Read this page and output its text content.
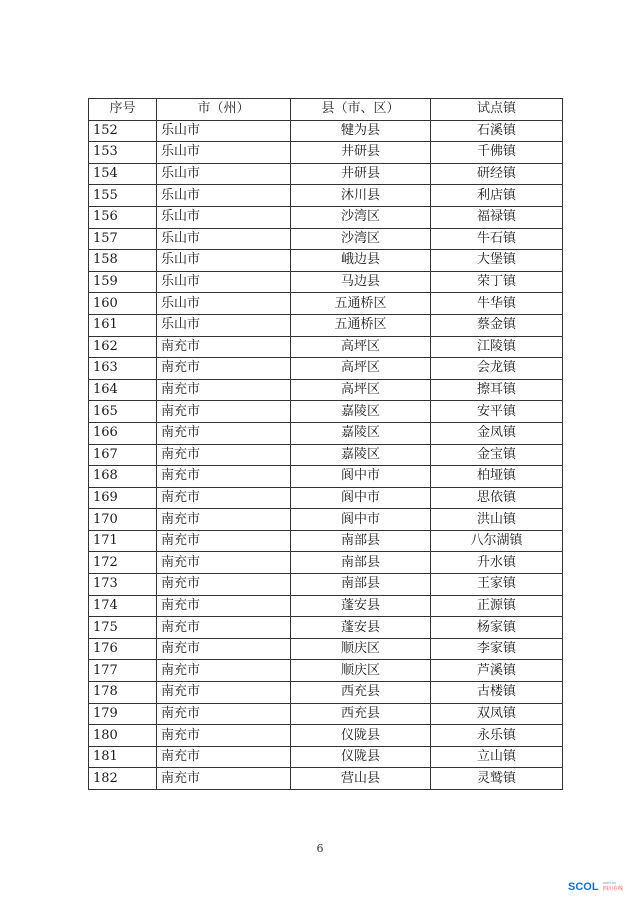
序号	市（州）	县（市、区）	试点镇
152	乐山市	犍为县	石溪镇
153	乐山市	井研县	千佛镇
154	乐山市	井研县	研经镇
155	乐山市	沐川县	利店镇
156	乐山市	沙湾区	福禄镇
157	乐山市	沙湾区	牛石镇
158	乐山市	峨边县	大堡镇
159	乐山市	马边县	荣丁镇
160	乐山市	五通桥区	牛华镇
161	乐山市	五通桥区	蔡金镇
162	南充市	高坪区	江陵镇
163	南充市	高坪区	会龙镇
164	南充市	高坪区	擦耳镇
165	南充市	嘉陵区	安平镇
166	南充市	嘉陵区	金凤镇
167	南充市	嘉陵区	金宝镇
168	南充市	阆中市	柏垭镇
169	南充市	阆中市	思依镇
170	南充市	阆中市	洪山镇
171	南充市	南部县	八尔湖镇
172	南充市	南部县	升水镇
173	南充市	南部县	王家镇
174	南充市	蓬安县	正源镇
175	南充市	蓬安县	杨家镇
176	南充市	顺庆区	李家镇
177	南充市	顺庆区	芦溪镇
178	南充市	西充县	古楼镇
179	南充市	西充县	双凤镇
180	南充市	仪陇县	永乐镇
181	南充市	仪陇县	立山镇
182	南充市	营山县	灵鹫镇
6
SCOL com.cn
四川在线
